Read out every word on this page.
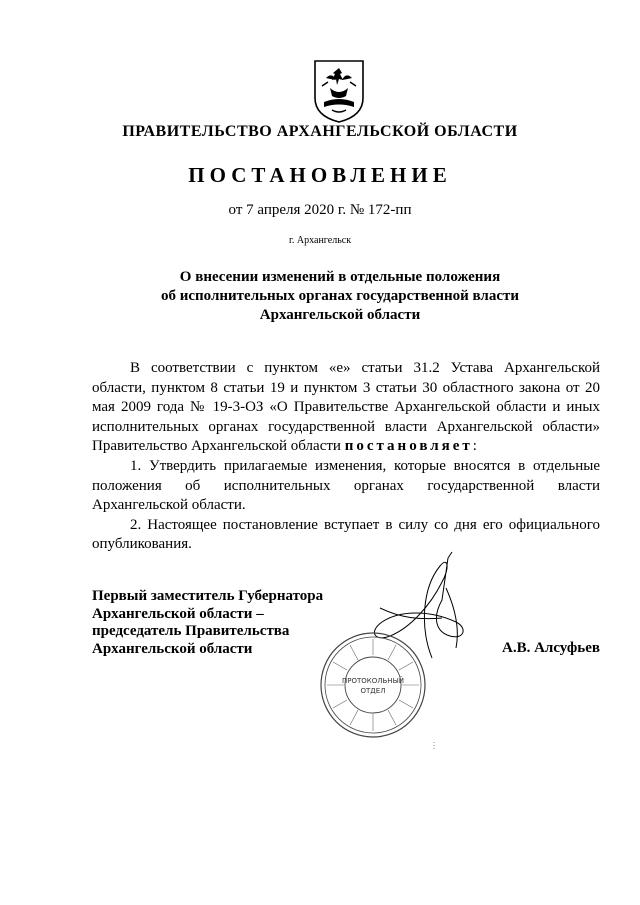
ПРАВИТЕЛЬСТВО АРХАНГЕЛЬСКОЙ ОБЛАСТИ
ПОСТАНОВЛЕНИЕ
от 7 апреля 2020 г. № 172-пп
г. Архангельск
О внесении изменений в отдельные положения
об исполнительных органах государственной власти
Архангельской области

В соответствии с пунктом «е» статьи 31.2 Устава Архангельской области, пунктом 8 статьи 19 и пунктом 3 статьи 30 областного закона от 20 мая 2009 года № 19-3-ОЗ «О Правительстве Архангельской области и иных исполнительных органах государственной власти Архангельской области» Правительство Архангельской области постановляет:

1. Утвердить прилагаемые изменения, которые вносятся в отдельные положения об исполнительных органах государственной власти Архангельской области.

2. Настоящее постановление вступает в силу со дня его официального опубликования.

Первый заместитель Губернатора
Архангельской области –
председатель Правительства
Архангельской области	А.В. Алсуфьев
ПРОТОКОЛЬНЫЙ
ОТДЕЛ
